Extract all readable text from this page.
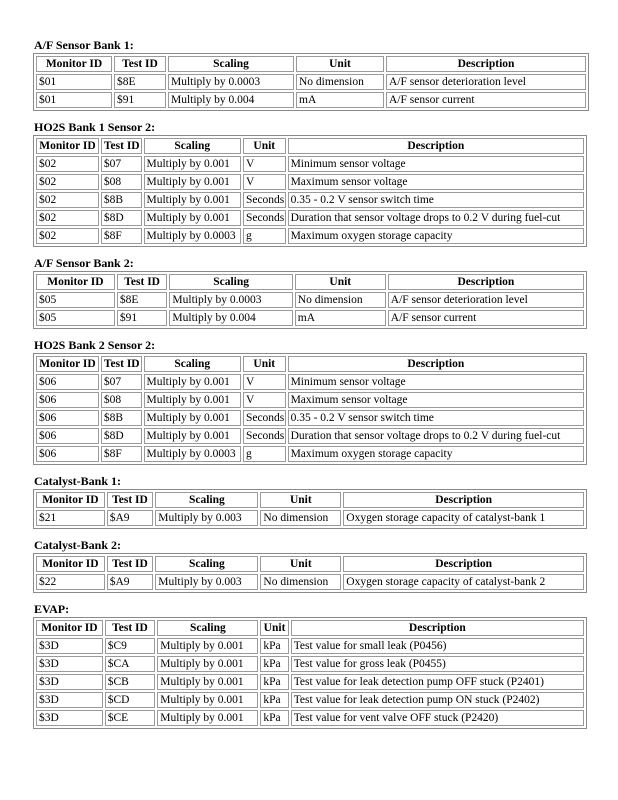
A/F Sensor Bank 1:
Monitor ID	Test ID	Scaling	Unit	Description
$01	$8E	Multiply by 0.0003	No dimension	A/F sensor deterioration level
$01	$91	Multiply by 0.004	mA	A/F sensor current
HO2S Bank 1 Sensor 2:
Monitor ID	Test ID	Scaling	Unit	Description
$02	$07	Multiply by 0.001	V	Minimum sensor voltage
$02	$08	Multiply by 0.001	V	Maximum sensor voltage
$02	$8B	Multiply by 0.001	Seconds	0.35 - 0.2 V sensor switch time
$02	$8D	Multiply by 0.001	Seconds	Duration that sensor voltage drops to 0.2 V during fuel-cut
$02	$8F	Multiply by 0.0003	g	Maximum oxygen storage capacity
A/F Sensor Bank 2:
Monitor ID	Test ID	Scaling	Unit	Description
$05	$8E	Multiply by 0.0003	No dimension	A/F sensor deterioration level
$05	$91	Multiply by 0.004	mA	A/F sensor current
HO2S Bank 2 Sensor 2:
Monitor ID	Test ID	Scaling	Unit	Description
$06	$07	Multiply by 0.001	V	Minimum sensor voltage
$06	$08	Multiply by 0.001	V	Maximum sensor voltage
$06	$8B	Multiply by 0.001	Seconds	0.35 - 0.2 V sensor switch time
$06	$8D	Multiply by 0.001	Seconds	Duration that sensor voltage drops to 0.2 V during fuel-cut
$06	$8F	Multiply by 0.0003	g	Maximum oxygen storage capacity
Catalyst-Bank 1:
Monitor ID	Test ID	Scaling	Unit	Description
$21	$A9	Multiply by 0.003	No dimension	Oxygen storage capacity of catalyst-bank 1
Catalyst-Bank 2:
Monitor ID	Test ID	Scaling	Unit	Description
$22	$A9	Multiply by 0.003	No dimension	Oxygen storage capacity of catalyst-bank 2
EVAP:
Monitor ID	Test ID	Scaling	Unit	Description
$3D	$C9	Multiply by 0.001	kPa	Test value for small leak (P0456)
$3D	$CA	Multiply by 0.001	kPa	Test value for gross leak (P0455)
$3D	$CB	Multiply by 0.001	kPa	Test value for leak detection pump OFF stuck (P2401)
$3D	$CD	Multiply by 0.001	kPa	Test value for leak detection pump ON stuck (P2402)
$3D	$CE	Multiply by 0.001	kPa	Test value for vent valve OFF stuck (P2420)
